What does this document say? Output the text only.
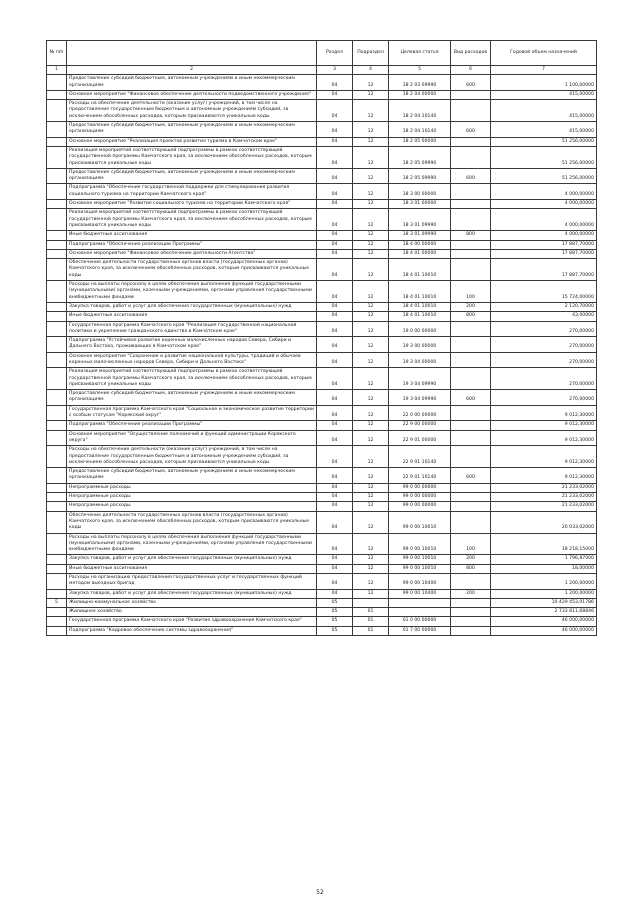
№ п/п		Раздел	Подраздел	Целевая статья	Вид расходов	Годовой объем назначений
1	2	3	4	5	6	7
	Предоставление субсидий бюджетным, автономным учреждениям и иным некоммерческим организациям	04	12	18 2 03 09990	600	1 100,00000
	Основное мероприятие "Финансовое обеспечение деятельности подведомственного учреждения"	04	12	18 2 04 00000		415,00000
	Расходы на обеспечение деятельности (оказание услуг) учреждений, в том числе на предоставление государственным бюджетным и автономным учреждениям субсидий, за исключением обособленных расходов, которым присваиваются уникальные коды	04	12	18 2 04 10140		415,00000
	Предоставление субсидий бюджетным, автономным учреждениям и иным некоммерческим организациям	04	12	18 2 04 10140	600	415,00000
	Основное мероприятие "Реализация проектов развития туризма в Камчатском крае"	04	12	18 2 05 00000		51 256,00000
	Реализация мероприятий соответствующей подпрограммы в рамках соответствующей государственной программы Камчатского края, за исключением обособленных расходов, которым присваиваются уникальные коды	04	12	18 2 05 09990		51 256,00000
	Предоставление субсидий бюджетным, автономным учреждениям и иным некоммерческим организациям	04	12	18 2 05 09990	600	51 256,00000
	Подпрограмма "Обеспечение государственной поддержки для стимулирования развития социального туризма на территории Камчатского края"	04	12	18 3 00 00000		4 000,00000
	Основное мероприятие "Развитие социального туризма на территории Камчатского края"	04	12	18 3 01 00000		4 000,00000
	Реализация мероприятий соответствующей подпрограммы в рамках соответствующей государственной программы Камчатского края, за исключением обособленных расходов, которым присваиваются уникальные коды	04	12	18 3 01 09990		4 000,00000
	Иные бюджетные ассигнования	04	12	18 3 01 09990	800	4 000,00000
	Подпрограмма "Обеспечение реализации Программы"	04	12	18 4 00 00000		17 887,70000
	Основное мероприятие "Финансовое обеспечение деятельности Агентства"	04	12	18 4 01 00000		17 887,70000
	Обеспечение деятельности государственных органов власти (государственных органов) Камчатского края, за исключением обособленных расходов, которым присваиваются уникальные коды	04	12	18 4 01 10010		17 887,70000
	Расходы на выплаты персоналу в целях обеспечения выполнения функций государственными (муниципальными) органами, казенными учреждениями, органами управления государственными внебюджетными фондами	04	12	18 4 01 10010	100	15 724,00000
	Закупка товаров, работ и услуг для обеспечения государственных (муниципальных) нужд	04	12	18 4 01 10010	200	2 120,70000
	Иные бюджетные ассигнования	04	12	18 4 01 10010	800	43,00000
	Государственная программа Камчатского края "Реализация государственной национальной политики и укрепление гражданского единства в Камчатском крае"	04	12	19 0 00 00000		270,00000
	Подпрограмма "Устойчивое развитие коренных малочисленных народов Севера, Сибири и Дальнего Востока, проживающих в Камчатском крае"	04	12	19 3 00 00000		270,00000
	Основное мероприятие "Сохранение и развитие национальной культуры, традиций и обычаев коренных малочисленных народов Севера, Сибири и Дальнего Востока"	04	12	19 3 04 00000		270,00000
	Реализация мероприятий соответствующей подпрограммы в рамках соответствующей государственной программы Камчатского края, за исключением обособленных расходов, которым присваиваются уникальные коды	04	12	19 3 04 09990		270,00000
	Предоставление субсидий бюджетным, автономным учреждениям и иным некоммерческим организациям	04	12	19 3 04 09990	600	270,00000
	Государственная программа Камчатского края "Социальное и экономическое развитие территории с особым статусом "Корякский округ"	04	12	22 0 00 00000		9 012,30000
	Подпрограмма "Обеспечение реализации Программы"	04	12	22 9 00 00000		9 012,30000
	Основное мероприятие "Осуществление полномочий и функций администрации Корякского округа"	04	12	22 9 01 00000		9 012,30000
	Расходы на обеспечение деятельности (оказание услуг) учреждений, в том числе на предоставление государственным бюджетным и автономным учреждениям субсидий, за исключением обособленных расходов, которым присваиваются уникальные коды	04	12	22 9 01 10140		9 012,30000
	Предоставление субсидий бюджетным, автономным учреждениям и иным некоммерческим организациям	04	12	22 9 01 10140	600	9 012,30000
	Непрограммные расходы	04	12	99 0 00 00000		21 233,02000
	Непрограммные расходы	04	12	99 0 00 00000		21 233,02000
	Непрограммные расходы	04	12	99 0 00 00000		21 233,02000
	Обеспечение деятельности государственных органов власти (государственных органов) Камчатского края, за исключением обособленных расходов, которым присваиваются уникальные коды	04	12	99 0 00 10010		20 033,02000
	Расходы на выплаты персоналу в целях обеспечения выполнения функций государственными (муниципальными) органами, казенными учреждениями, органами управления государственными внебюджетными фондами	04	12	99 0 00 10010	100	18 218,15000
	Закупка товаров, работ и услуг для обеспечения государственных (муниципальных) нужд	04	12	99 0 00 10010	200	1 796,87000
	Иные бюджетные ассигнования	04	12	99 0 00 10010	800	18,00000
	Расходы на организацию предоставления государственных услуг и государственных функций методом выездных бригад	04	12	99 0 00 10400		1 200,00000
	Закупка товаров, работ и услуг для обеспечения государственных (муниципальных) нужд	04	12	99 0 00 10400	200	1 200,00000
5	Жилищно-коммунальное хозяйство	05				10 429 453,01786
	Жилищное хозяйство	05	01			2 733 811,68846
	Государственная программа Камчатского края "Развитие здравоохранения Камчатского края"	05	01	01 0 00 00000		46 000,00000
	Подпрограмма "Кадровое обеспечение системы здравоохранения"	05	01	01 7 00 00000		46 000,00000
52
